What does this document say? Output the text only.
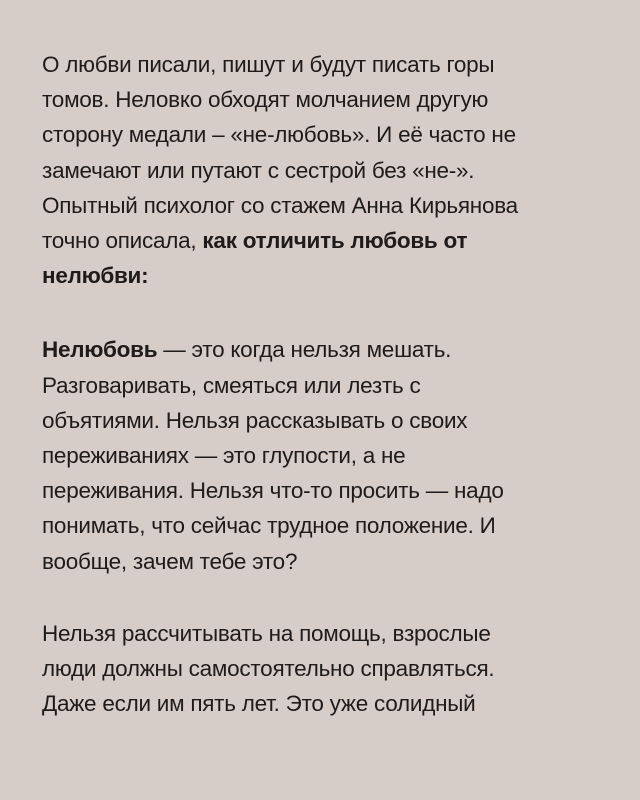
О любви писали, пишут и будут писать горы
томов. Неловко обходят молчанием другую
сторону медали – «не-любовь». И её часто не
замечают или путают с сестрой без «не-».
Опытный психолог со стажем Анна Кирьянова
точно описала, как отличить любовь от
нелюбви:

Нелюбовь — это когда нельзя мешать.
Разговаривать, смеяться или лезть с
объятиями. Нельзя рассказывать о своих
переживаниях — это глупости, а не
переживания. Нельзя что-то просить — надо
понимать, что сейчас трудное положение. И
вообще, зачем тебе это?

Нельзя рассчитывать на помощь, взрослые
люди должны самостоятельно справляться.
Даже если им пять лет. Это уже солидный
